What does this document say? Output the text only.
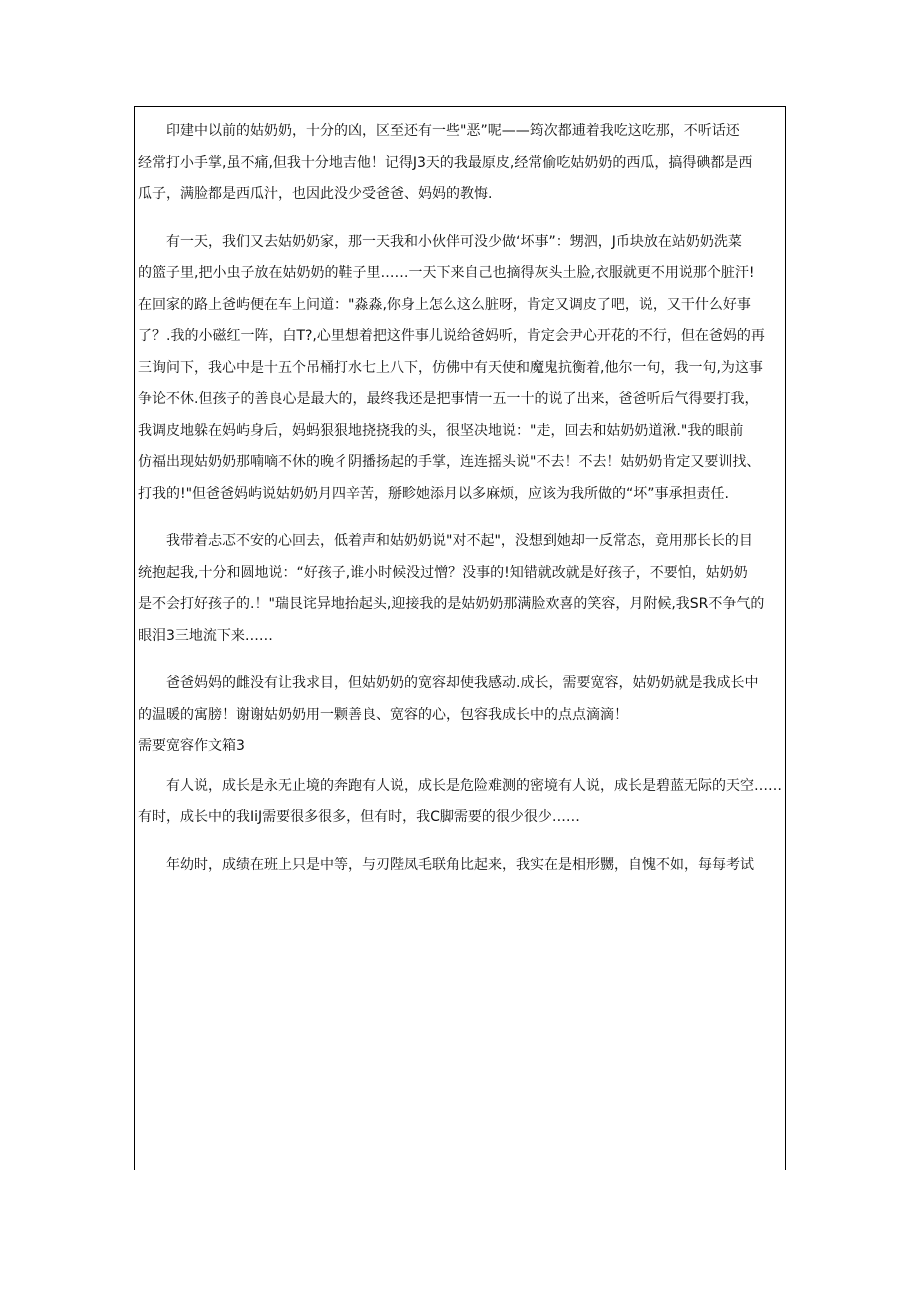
印建中以前的姑奶奶，十分的凶，区至还有一些"恶”呢——筠次都逋着我吃这吃那，不听话还
经常打小手掌,虽不痛,但我十分地吉他！记得J3天的我最原皮,经常偷吃姑奶奶的西瓜，搞得碘都是西
瓜子，满脸都是西瓜汁，也因此没少受爸爸、妈妈的教悔.
有一天，我们又去姑奶奶家，那一天我和小伙伴可没少做‘坏事”：甥泗，J币块放在站奶奶洗菜
的篮子里,把小虫子放在姑奶奶的鞋子里……一天下来自己也摘得灰头土脸,衣服就更不用说那个脏汗!
在回家的路上爸屿便在车上问道："淼淼,你身上怎么这么脏呀，肯定又调皮了吧，说，又干什么好事
了？.我的小磁红一阵，白T?,心里想着把这件事儿说给爸妈听，肯定会尹心开花的不行，但在爸妈的再
三询问下，我心中是十五个吊桶打水七上八下，仿佛中有天使和魔鬼抗衡着,他尔一句，我一句,为这事
争论不休.但孩子的善良心是最大的，最终我还是把事情一五一十的说了出来，爸爸听后气得要打我，
我调皮地躲在妈屿身后，妈蚂狠狠地挠挠我的头，很坚决地说："走，回去和姑奶奶道湫."我的眼前
仿福出现姑奶奶那喃嘀不休的晚彳阴播扬起的手掌，连连摇头说"不去！不去！姑奶奶肯定又要训找、
打我的!"但爸爸妈屿说姑奶奶月四辛苦，掰畛她添月以多麻烦，应该为我所做的“坏”事承担责任.
我带着忐忑不安的心回去，低着声和姑奶奶说"对不起"，没想到她却一反常态，竟用那长长的目
统抱起我,十分和圆地说：“好孩子,谁小时候没过憎？没事的!知错就改就是好孩子，不要怕，姑奶奶
是不会打好孩子的.！"瑞艮诧异地抬起头,迎接我的是姑奶奶那满脸欢喜的笑容，月附候,我SR不争气的
眼泪3三地流下来……
爸爸妈妈的雌没有让我求目，但姑奶奶的宽容却使我感动.成长，需要宽容，姑奶奶就是我成长中
的温暖的寓膀！谢谢姑奶奶用一颗善良、宽容的心，包容我成长中的点点滴滴！
需要宽容作文箱3
有人说，成长是永无止境的奔跑有人说，成长是危险难测的密境有人说，成长是碧蓝无际的天空……
有时，成长中的我IiJ需要很多很多，但有时，我C脚需要的很少很少……
年幼时，成绩在班上只是中等，与刃陛凤毛联角比起来，我实在是相形嬲，自愧不如，每每考试
